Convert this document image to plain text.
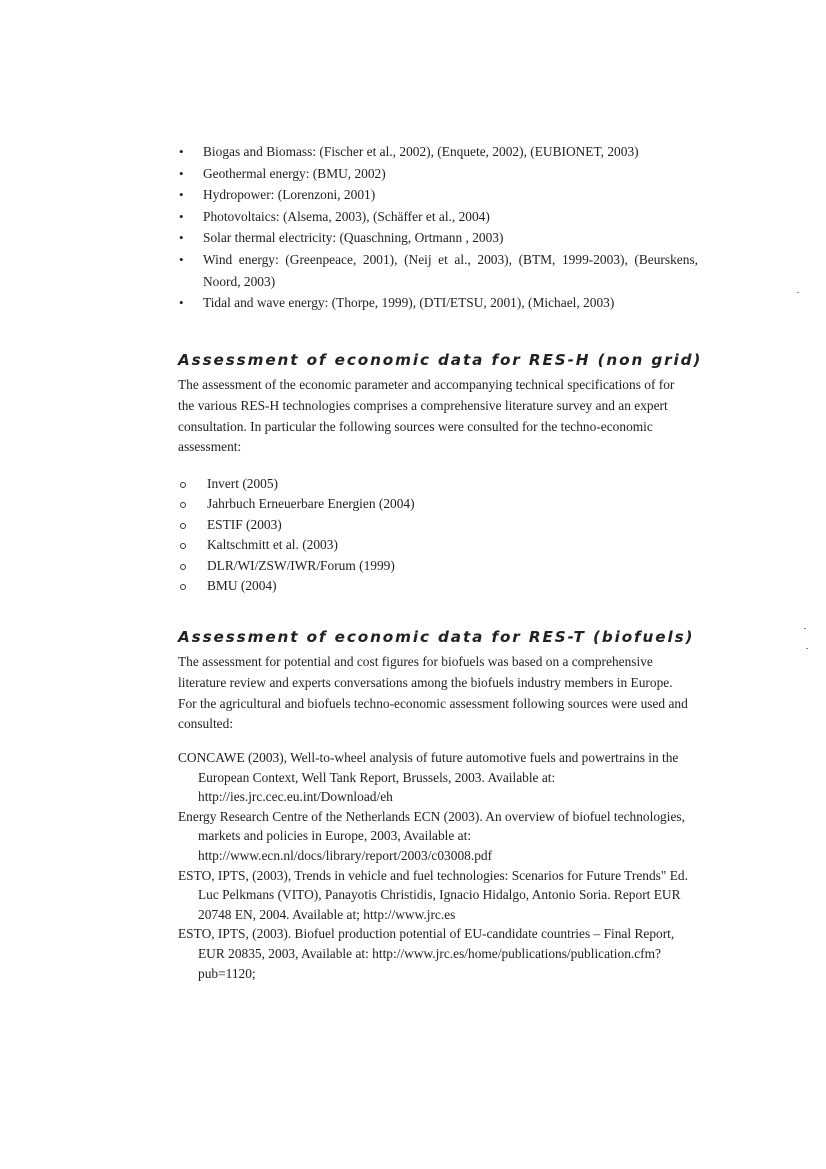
• Biogas and Biomass: (Fischer et al., 2002), (Enquete, 2002), (EUBIONET, 2003)
• Geothermal energy: (BMU, 2002)
• Hydropower: (Lorenzoni, 2001)
• Photovoltaics: (Alsema, 2003), (Schäffer et al., 2004)
• Solar thermal electricity: (Quaschning, Ortmann , 2003)
• Wind energy: (Greenpeace, 2001), (Neij et al., 2003), (BTM, 1999-2003), (Beurskens, Noord, 2003)
• Tidal and wave energy: (Thorpe, 1999), (DTI/ETSU, 2001), (Michael, 2003)
Assessment of economic data for RES-H (non grid)

The assessment of the economic parameter and accompanying technical specifications of for the various RES-H technologies comprises a comprehensive literature survey and an expert consultation. In particular the following sources were consulted for the techno-economic assessment:

Invert (2005)
Jahrbuch Erneuerbare Energien (2004)
ESTIF (2003)
Kaltschmitt et al. (2003)
DLR/WI/ZSW/IWR/Forum (1999)
BMU (2004)
Assessment of economic data for RES-T (biofuels)

The assessment for potential and cost figures for biofuels was based on a comprehensive literature review and experts conversations among the biofuels industry members in Europe. For the agricultural and biofuels techno-economic assessment following sources were used and consulted:

CONCAWE (2003), Well-to-wheel analysis of future automotive fuels and powertrains in the European Context, Well Tank Report, Brussels, 2003. Available at: http://ies.jrc.cec.eu.int/Download/eh
Energy Research Centre of the Netherlands ECN (2003). An overview of biofuel technologies, markets and policies in Europe, 2003, Available at: http://www.ecn.nl/docs/library/report/2003/c03008.pdf
ESTO, IPTS, (2003), Trends in vehicle and fuel technologies: Scenarios for Future Trends" Ed. Luc Pelkmans (VITO), Panayotis Christidis, Ignacio Hidalgo, Antonio Soria. Report EUR 20748 EN, 2004. Available at; http://www.jrc.es
ESTO, IPTS, (2003). Biofuel production potential of EU-candidate countries – Final Report, EUR 20835, 2003, Available at: http://www.jrc.es/home/publications/publication.cfm?pub=1120;
